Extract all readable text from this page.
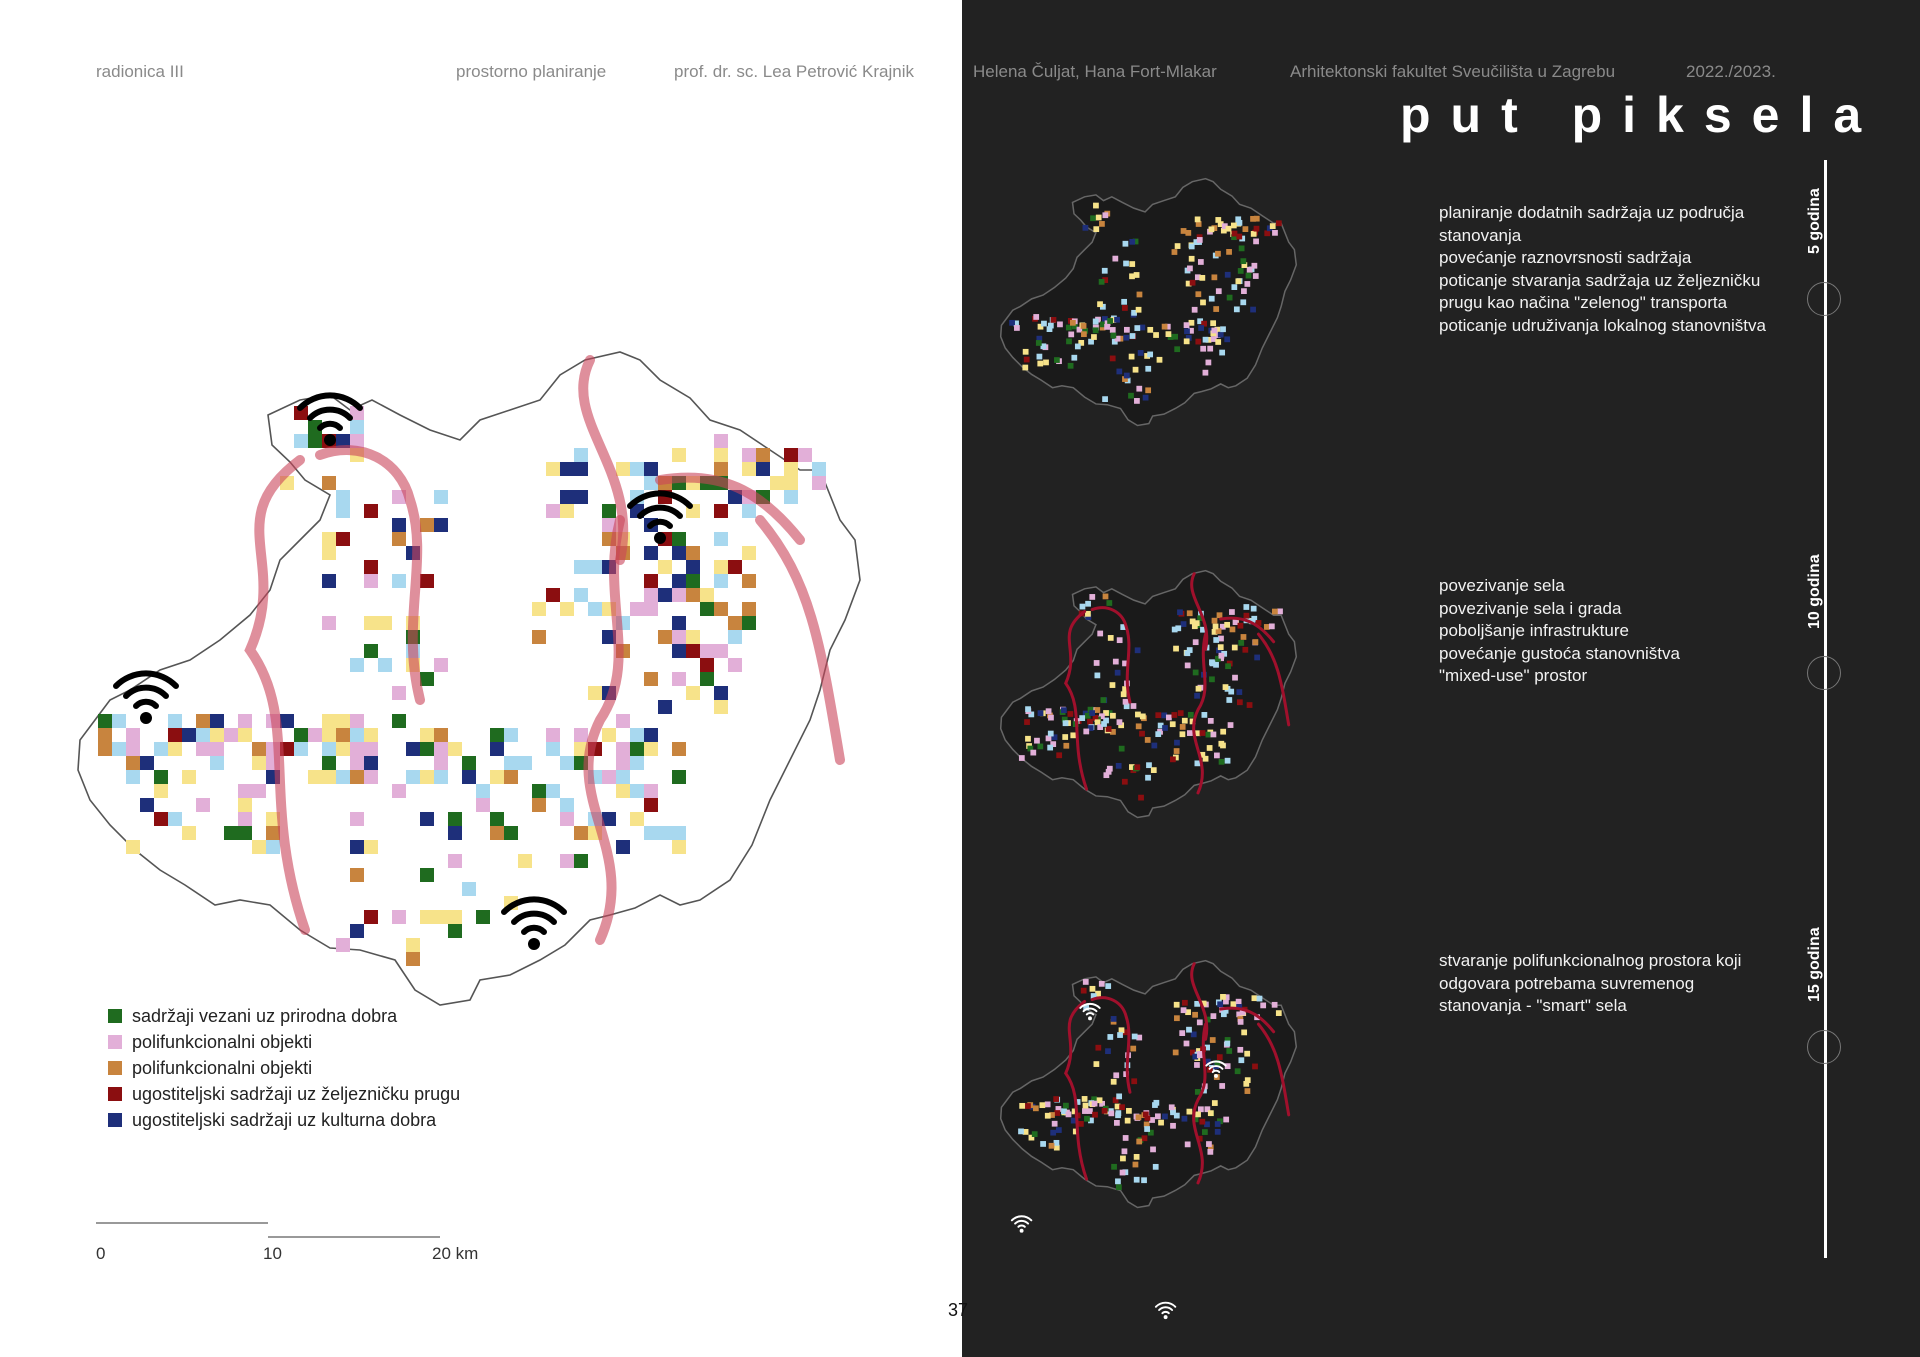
radionica III	prostorno planiranje	prof. dr. sc. Lea Petrović Krajnik	Helena Čuljat, Hana Fort-Mlakar	Arhitektonski fakultet Sveučilišta u Zagrebu	2022./2023.
put piksela
sadržaji vezani uz prirodna dobra
polifunkcionalni objekti
polifunkcionalni objekti
ugostiteljski sadržaji uz željezničku prugu
ugostiteljski sadržaji uz kulturna dobra
0	10	20 km
37
planiranje dodatnih sadržaja uz područja
stanovanja
povećanje raznovrsnosti sadržaja
poticanje stvaranja sadržaja uz željezničku
prugu kao načina "zelenog" transporta
poticanje udruživanja lokalnog stanovništva
povezivanje sela
povezivanje sela i grada
poboljšanje infrastrukture
povećanje gustoća stanovništva
"mixed-use" prostor
stvaranje polifunkcionalnog prostora koji
odgovara potrebama suvremenog
stanovanja - "smart" sela
5 godina
10 godina
15 godina
